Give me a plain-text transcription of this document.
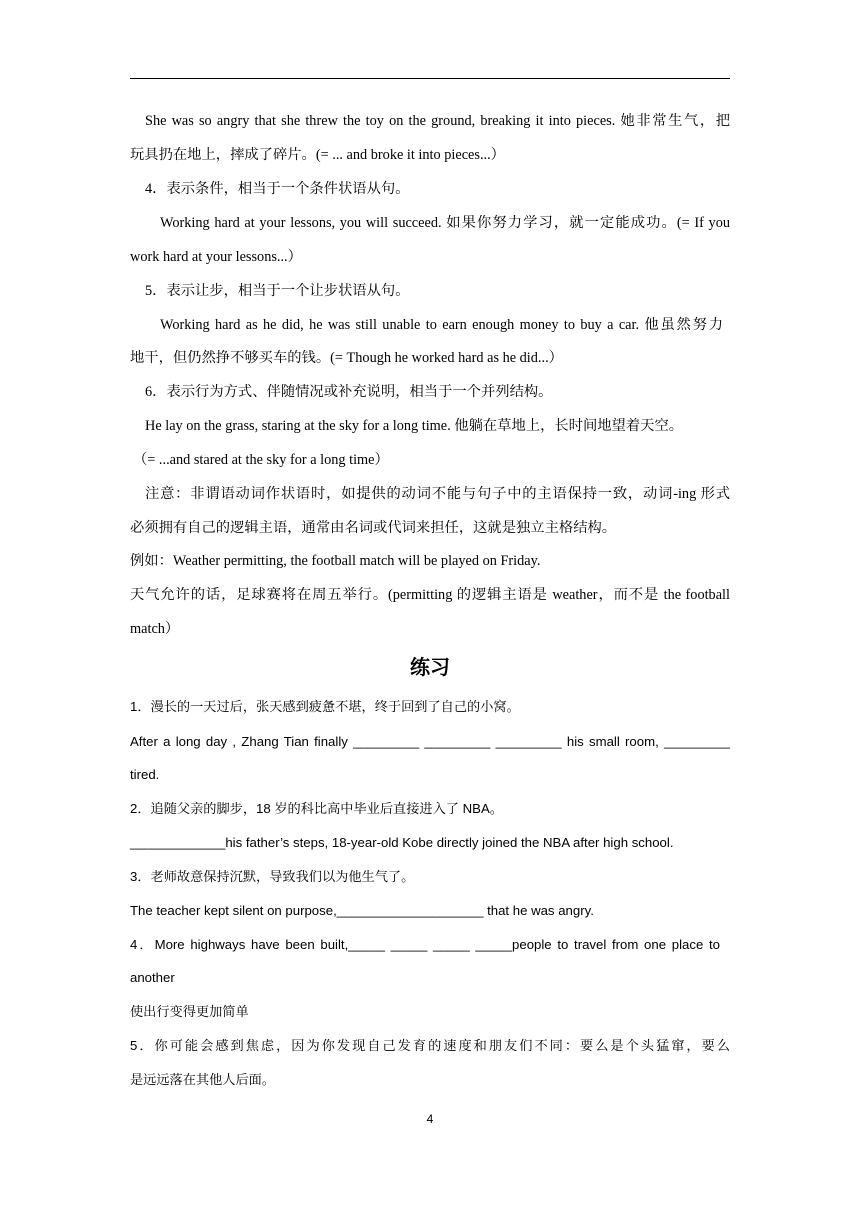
She was so angry that she threw the toy on the ground, breaking it into pieces. 她非常生气，把
玩具扔在地上，摔成了碎片。(= ... and broke it into pieces...）
4．表示条件，相当于一个条件状语从句。
Working hard at your lessons, you will succeed. 如果你努力学习，就一定能成功。(= If you
work hard at your lessons...）
5．表示让步，相当于一个让步状语从句。
Working hard as he did, he was still unable to earn enough money to buy a car. 他虽然努力
地干，但仍然挣不够买车的钱。(= Though he worked hard as he did...）
6．表示行为方式、伴随情况或补充说明，相当于一个并列结构。
He lay on the grass, staring at the sky for a long time. 他躺在草地上，长时间地望着天空。
（= ...and stared at the sky for a long time）
注意：非谓语动词作状语时，如提供的动词不能与句子中的主语保持一致，动词-ing 形式
必须拥有自己的逻辑主语，通常由名词或代词来担任，这就是独立主格结构。
例如：Weather permitting, the football match will be played on Friday.
天气允许的话，足球赛将在周五举行。(permitting 的逻辑主语是 weather，而不是 the football
match）
练习
1．漫长的一天过后，张天感到疲惫不堪，终于回到了自己的小窝。
After a long day , Zhang Tian finally _________ _________ _________ his small room, _________
tired.
2．追随父亲的脚步，18 岁的科比高中毕业后直接进入了 NBA。
_____________his father’s steps, 18-year-old Kobe directly joined the NBA after high school.
3．老师故意保持沉默，导致我们以为他生气了。
The teacher kept silent on purpose,____________________ that he was angry.
4．More highways have been built,_____ _____ _____ _____people to travel from one place to
another
使出行变得更加简单
5．你可能会感到焦虑，因为你发现自己发育的速度和朋友们不同：要么是个头猛窜，要么
是远远落在其他人后面。
4
